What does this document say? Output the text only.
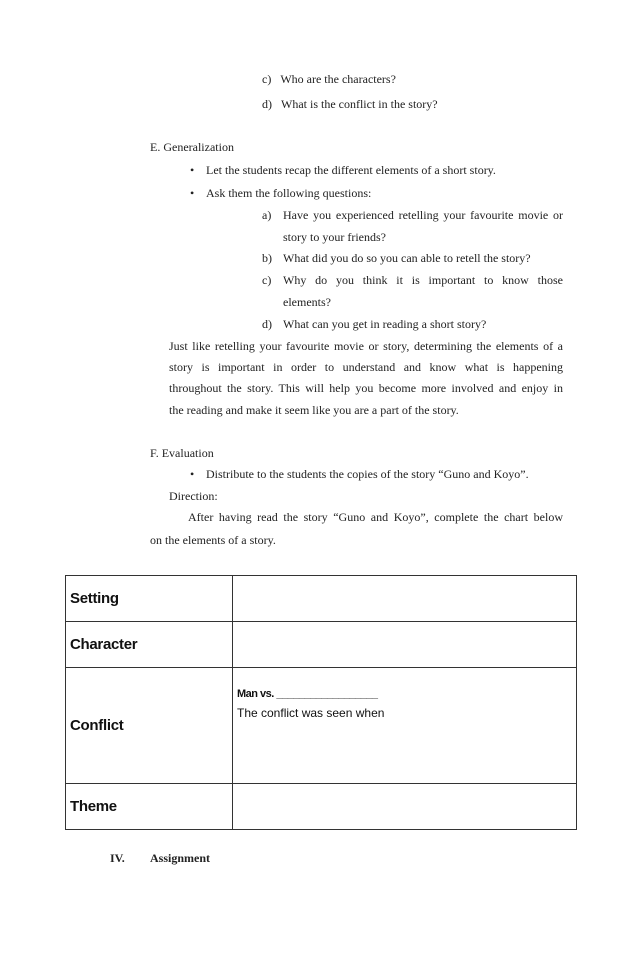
c) Who are the characters?
d) What is the conflict in the story?
E. Generalization
• Let the students recap the different elements of a short story.
• Ask them the following questions:
a) Have you experienced retelling your favourite movie or
story to your friends?
b) What did you do so you can able to retell the story?
c) Why do you think it is important to know those
elements?
d) What can you get in reading a short story?
Just like retelling your favourite movie or story, determining the elements of a
story is important in order to understand and know what is happening
throughout the story. This will help you become more involved and enjoy in
the reading and make it seem like you are a part of the story.
F. Evaluation
• Distribute to the students the copies of the story “Guno and Koyo”.
Direction:
After having read the story “Guno and Koyo”, complete the chart below
on the elements of a story.
Setting	
Character	
Conflict	Man vs. __________________
The conflict was seen when

Theme	
IV. Assignment
